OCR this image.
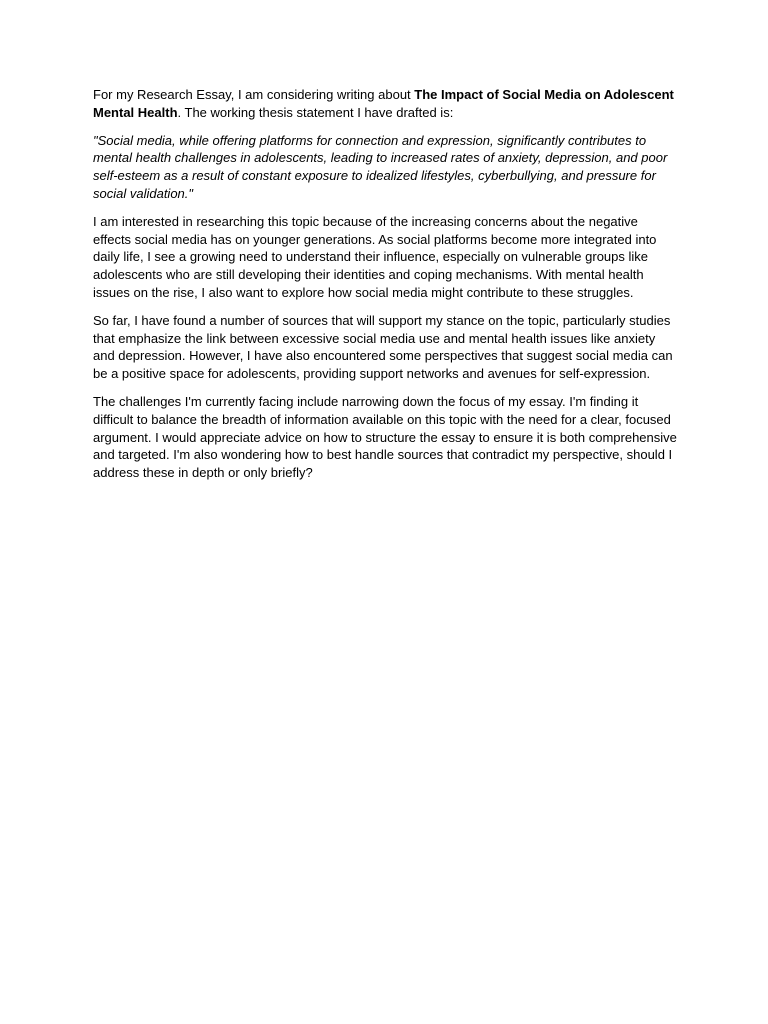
For my Research Essay, I am considering writing about The Impact of Social Media on Adolescent Mental Health. The working thesis statement I have drafted is:

"Social media, while offering platforms for connection and expression, significantly contributes to mental health challenges in adolescents, leading to increased rates of anxiety, depression, and poor self-esteem as a result of constant exposure to idealized lifestyles, cyberbullying, and pressure for social validation."

I am interested in researching this topic because of the increasing concerns about the negative effects social media has on younger generations. As social platforms become more integrated into daily life, I see a growing need to understand their influence, especially on vulnerable groups like adolescents who are still developing their identities and coping mechanisms. With mental health issues on the rise, I also want to explore how social media might contribute to these struggles.

So far, I have found a number of sources that will support my stance on the topic, particularly studies that emphasize the link between excessive social media use and mental health issues like anxiety and depression. However, I have also encountered some perspectives that suggest social media can be a positive space for adolescents, providing support networks and avenues for self-expression.

The challenges I'm currently facing include narrowing down the focus of my essay. I'm finding it difficult to balance the breadth of information available on this topic with the need for a clear, focused argument. I would appreciate advice on how to structure the essay to ensure it is both comprehensive and targeted. I'm also wondering how to best handle sources that contradict my perspective, should I address these in depth or only briefly?
